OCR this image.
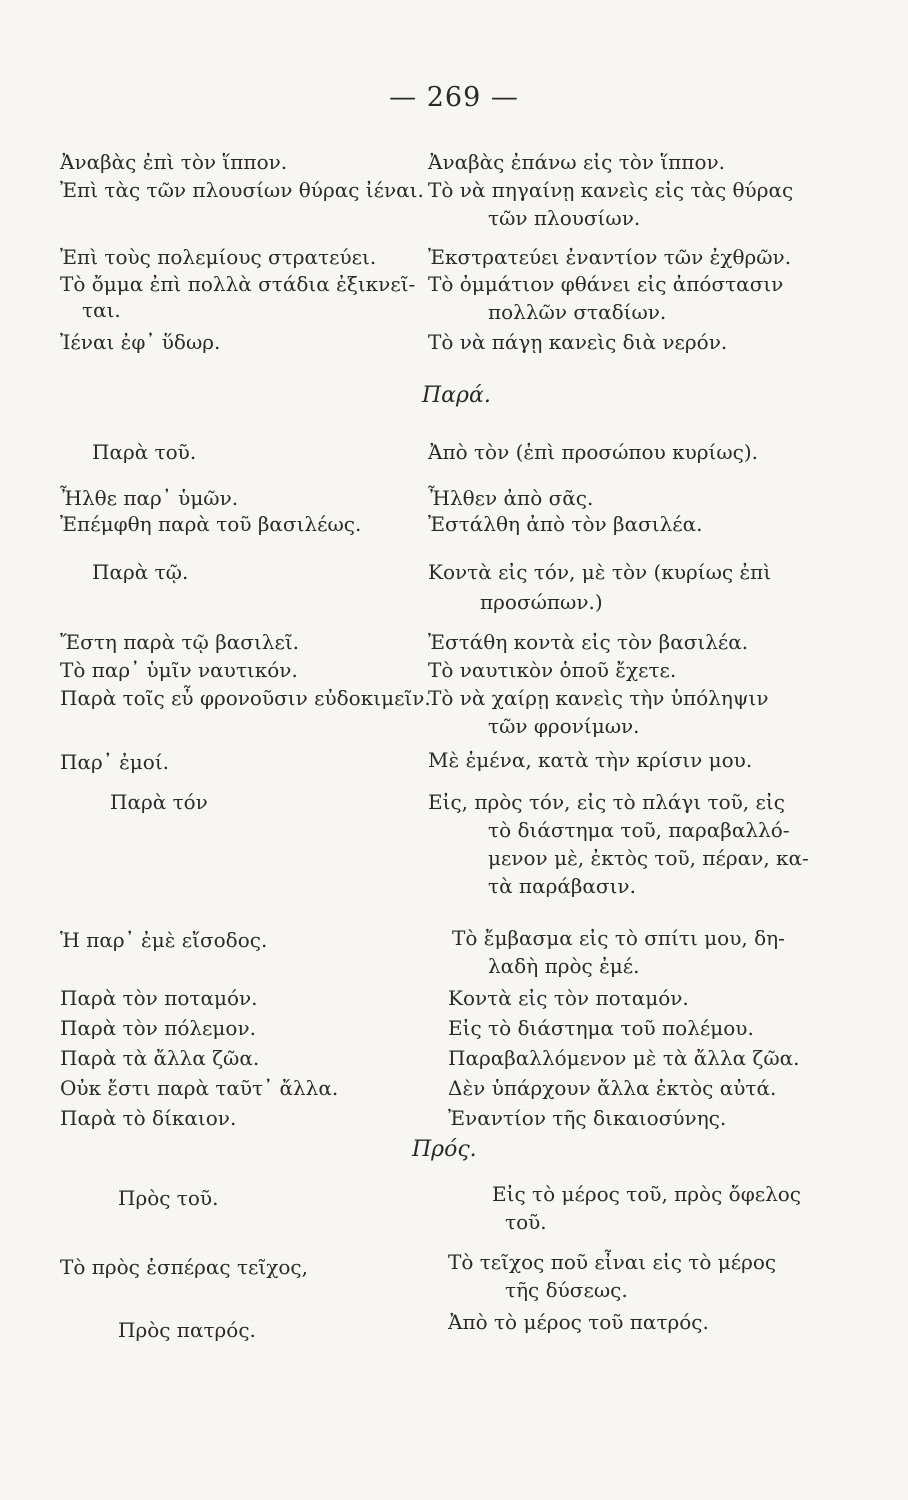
— 269 —
Ἀναβὰς ἐπὶ τὸν ἵππον.
Ἐπὶ τὰς τῶν πλουσίων θύρας ἰέναι.
Ἐπὶ τοὺς πολεμίους στρατεύει.
Τὸ ὄμμα ἐπὶ πολλὰ στάδια ἐξικνεῖ-
ται.
Ἰέναι ἐφ᾿ ὕδωρ.
Παρὰ τοῦ.
Ἦλθε παρ᾿ ὑμῶν.
Ἐπέμφθη παρὰ τοῦ βασιλέως.
Παρὰ τῷ.
Ἔστη παρὰ τῷ βασιλεῖ.
Τὸ παρ᾿ ὑμῖν ναυτικόν.
Παρὰ τοῖς εὖ φρονοῦσιν εὐδοκιμεῖν.
Παρ᾿ ἐμοί.
Παρὰ τόν
Ἡ παρ᾿ ἐμὲ εἴσοδος.
Παρὰ τὸν ποταμόν.
Παρὰ τὸν πόλεμον.
Παρὰ τὰ ἄλλα ζῶα.
Οὐκ ἔστι παρὰ ταῦτ᾿ ἄλλα.
Παρὰ τὸ δίκαιον.
Πρὸς τοῦ.
Τὸ πρὸς ἑσπέρας τεῖχος,
Πρὸς πατρός.
Παρά.
Πρός.
Ἀναβὰς ἐπάνω εἰς τὸν ἵππον.
Τὸ νὰ πηγαίνῃ κανεὶς εἰς τὰς θύρας
τῶν πλουσίων.
Ἐκστρατεύει ἐναντίον τῶν ἐχθρῶν.
Τὸ ὀμμάτιον φθάνει εἰς ἀπόστασιν
πολλῶν σταδίων.
Τὸ νὰ πάγῃ κανεὶς διὰ νερόν.
Ἀπὸ τὸν (ἐπὶ προσώπου κυρίως).
Ἦλθεν ἀπὸ σᾶς.
Ἐστάλθη ἀπὸ τὸν βασιλέα.
Κοντὰ εἰς τόν, μὲ τὸν (κυρίως ἐπὶ
προσώπων.)
Ἐστάθη κοντὰ εἰς τὸν βασιλέα.
Τὸ ναυτικὸν ὁποῦ ἔχετε.
Τὸ νὰ χαίρῃ κανεὶς τὴν ὑπόληψιν
τῶν φρονίμων.
Μὲ ἐμένα, κατὰ τὴν κρίσιν μου.
Εἰς, πρὸς τόν, εἰς τὸ πλάγι τοῦ, εἰς
τὸ διάστημα τοῦ, παραβαλλό-
μενον μὲ, ἐκτὸς τοῦ, πέραν, κα-
τὰ παράβασιν.
Τὸ ἔμβασμα εἰς τὸ σπίτι μου, δη-
λαδὴ πρὸς ἐμέ.
Κοντὰ εἰς τὸν ποταμόν.
Εἰς τὸ διάστημα τοῦ πολέμου.
Παραβαλλόμενον μὲ τὰ ἄλλα ζῶα.
Δὲν ὑπάρχουν ἄλλα ἐκτὸς αὐτά.
Ἐναντίον τῆς δικαιοσύνης.
Εἰς τὸ μέρος τοῦ, πρὸς ὄφελος
τοῦ.
Τὸ τεῖχος ποῦ εἶναι εἰς τὸ μέρος
τῆς δύσεως.
Ἀπὸ τὸ μέρος τοῦ πατρός.
